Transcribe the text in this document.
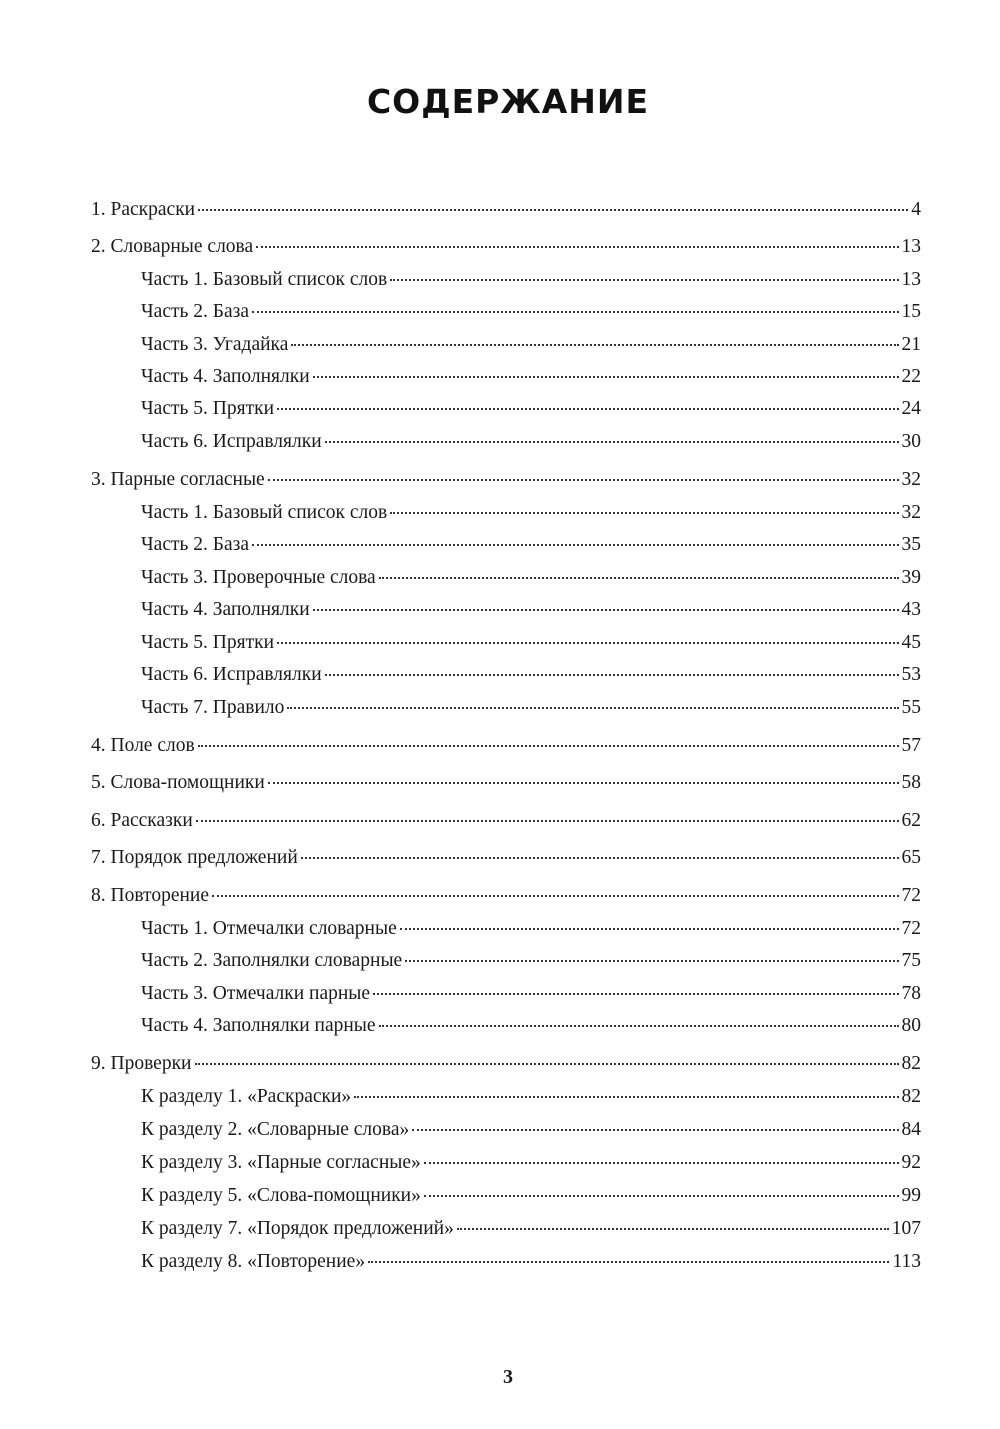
СОДЕРЖАНИЕ
1. Раскраски	4
2. Словарные слова	13
Часть 1. Базовый список слов	13
Часть 2. База	15
Часть 3. Угадайка	21
Часть 4. Заполнялки	22
Часть 5. Прятки	24
Часть 6. Исправлялки	30
3. Парные согласные	32
Часть 1. Базовый список слов	32
Часть 2. База	35
Часть 3. Проверочные слова	39
Часть 4. Заполнялки	43
Часть 5. Прятки	45
Часть 6. Исправлялки	53
Часть 7. Правило	55
4. Поле слов	57
5. Слова-помощники	58
6. Рассказки	62
7. Порядок предложений	65
8. Повторение	72
Часть 1. Отмечалки словарные	72
Часть 2. Заполнялки словарные	75
Часть 3. Отмечалки парные	78
Часть 4. Заполнялки парные	80
9. Проверки	82
К разделу 1. «Раскраски»	82
К разделу 2. «Словарные слова»	84
К разделу 3. «Парные согласные»	92
К разделу 5. «Слова-помощники»	99
К разделу 7. «Порядок предложений»	107
К разделу 8. «Повторение»	113
3
